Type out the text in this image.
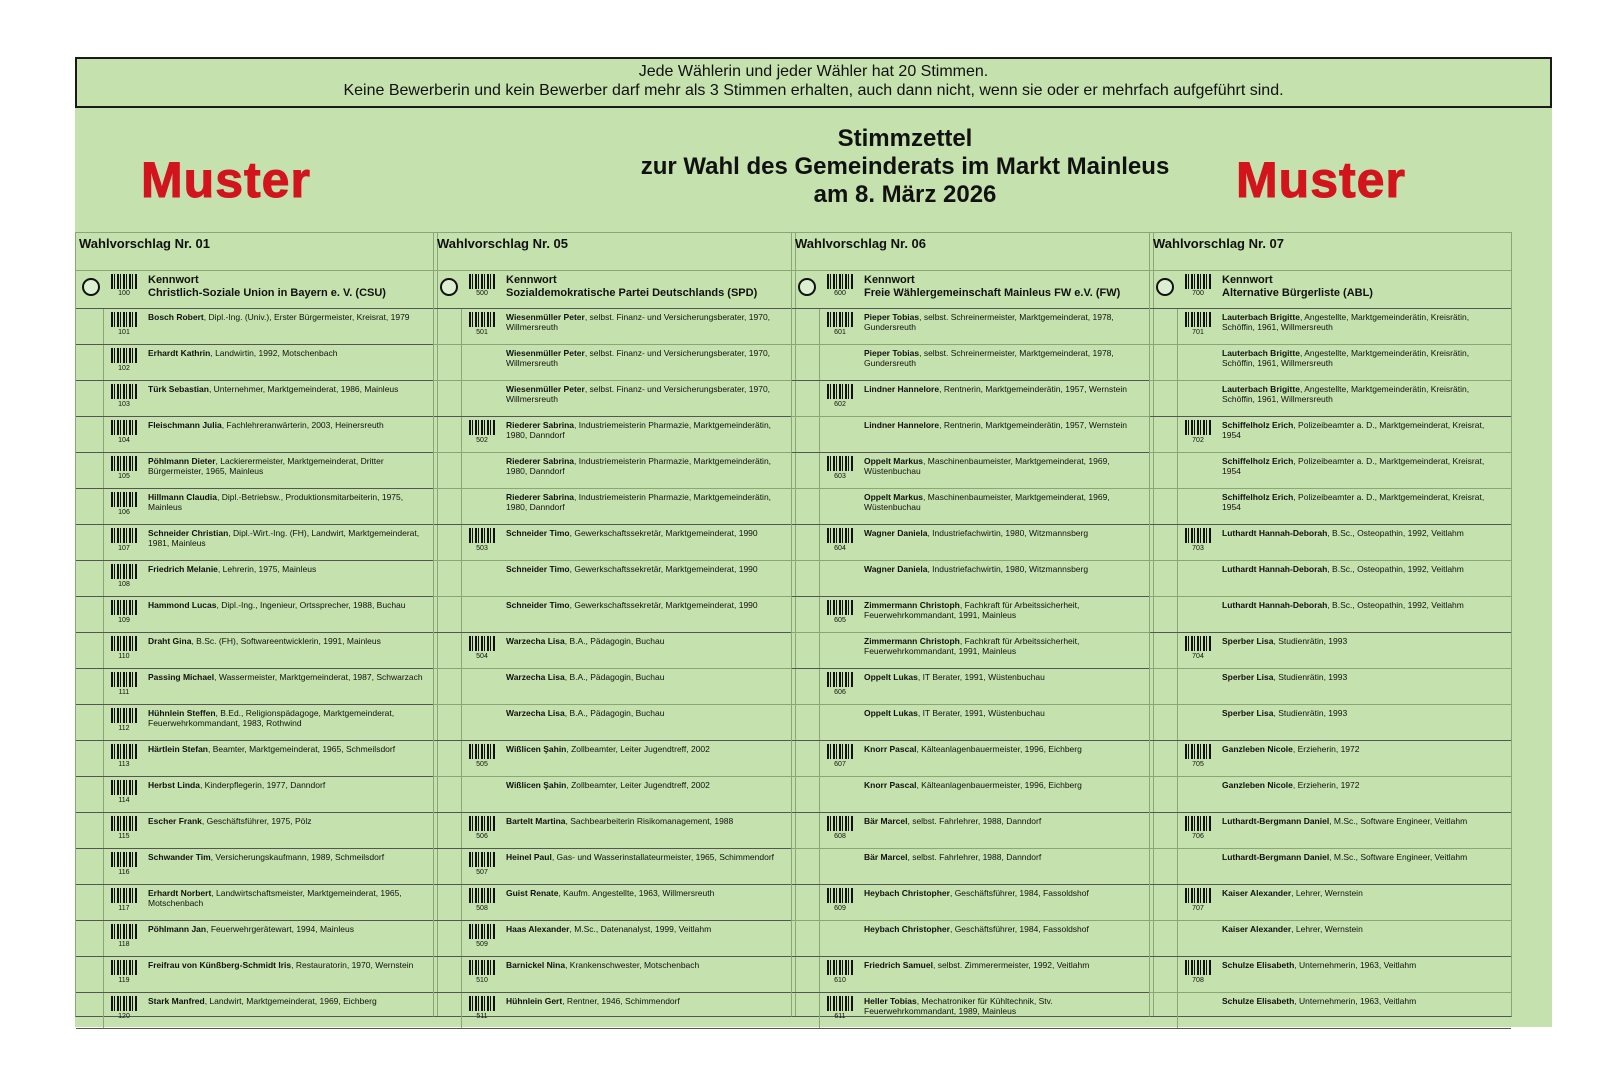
Jede Wählerin und jeder Wähler hat 20 Stimmen.
Keine Bewerberin und kein Bewerber darf mehr als 3 Stimmen erhalten, auch dann nicht, wenn sie oder er mehrfach aufgeführt sind.
Muster
Stimmzettel
zur Wahl des Gemeinderats im Markt Mainleus
am 8. März 2026	Muster
Wahlvorschlag Nr. 01
100
Kennwort
Christlich-Soziale Union in Bayern e. V. (CSU)
101
Bosch Robert, Dipl.-Ing. (Univ.), Erster Bürgermeister, Kreisrat, 1979
102
Erhardt Kathrin, Landwirtin, 1992, Motschenbach
103
Türk Sebastian, Unternehmer, Marktgemeinderat, 1986, Mainleus
104
Fleischmann Julia, Fachlehreranwärterin, 2003, Heinersreuth
105
Pöhlmann Dieter, Lackierermeister, Marktgemeinderat, Dritter Bürgermeister, 1965, Mainleus
106
Hillmann Claudia, Dipl.-Betriebsw., Produktionsmitarbeiterin, 1975, Mainleus
107
Schneider Christian, Dipl.-Wirt.-Ing. (FH), Landwirt, Marktgemeinderat, 1981, Mainleus
108
Friedrich Melanie, Lehrerin, 1975, Mainleus
109
Hammond Lucas, Dipl.-Ing., Ingenieur, Ortssprecher, 1988, Buchau
110
Draht Gina, B.Sc. (FH), Softwareentwicklerin, 1991, Mainleus
111
Passing Michael, Wassermeister, Marktgemeinderat, 1987, Schwarzach
112
Hühnlein Steffen, B.Ed., Religionspädagoge, Marktgemeinderat, Feuerwehrkommandant, 1983, Rothwind
113
Härtlein Stefan, Beamter, Marktgemeinderat, 1965, Schmeilsdorf
114
Herbst Linda, Kinderpflegerin, 1977, Danndorf
115
Escher Frank, Geschäftsführer, 1975, Pölz
116
Schwander Tim, Versicherungskaufmann, 1989, Schmeilsdorf
117
Erhardt Norbert, Landwirtschaftsmeister, Marktgemeinderat, 1965, Motschenbach
118
Pöhlmann Jan, Feuerwehrgerätewart, 1994, Mainleus
119
Freifrau von Künßberg-Schmidt Iris, Restauratorin, 1970, Wernstein
120
Stark Manfred, Landwirt, Marktgemeinderat, 1969, Eichberg
Wahlvorschlag Nr. 05
500
Kennwort
Sozialdemokratische Partei Deutschlands (SPD)
501
Wiesenmüller Peter, selbst. Finanz- und Versicherungsberater, 1970, Willmersreuth
Wiesenmüller Peter, selbst. Finanz- und Versicherungsberater, 1970, Willmersreuth
Wiesenmüller Peter, selbst. Finanz- und Versicherungsberater, 1970, Willmersreuth
502
Riederer Sabrina, Industriemeisterin Pharmazie, Marktgemeinderätin, 1980, Danndorf
Riederer Sabrina, Industriemeisterin Pharmazie, Marktgemeinderätin, 1980, Danndorf
Riederer Sabrina, Industriemeisterin Pharmazie, Marktgemeinderätin, 1980, Danndorf
503
Schneider Timo, Gewerkschaftssekretär, Marktgemeinderat, 1990
Schneider Timo, Gewerkschaftssekretär, Marktgemeinderat, 1990
Schneider Timo, Gewerkschaftssekretär, Marktgemeinderat, 1990
504
Warzecha Lisa, B.A., Pädagogin, Buchau
Warzecha Lisa, B.A., Pädagogin, Buchau
Warzecha Lisa, B.A., Pädagogin, Buchau
505
Wißlicen Şahin, Zollbeamter, Leiter Jugendtreff, 2002
Wißlicen Şahin, Zollbeamter, Leiter Jugendtreff, 2002
506
Bartelt Martina, Sachbearbeiterin Risikomanagement, 1988
507
Heinel Paul, Gas- und Wasserinstallateurmeister, 1965, Schimmendorf
508
Guist Renate, Kaufm. Angestellte, 1963, Willmersreuth
509
Haas Alexander, M.Sc., Datenanalyst, 1999, Veitlahm
510
Barnickel Nina, Krankenschwester, Motschenbach
511
Hühnlein Gert, Rentner, 1946, Schimmendorf
Wahlvorschlag Nr. 06
600
Kennwort
Freie Wählergemeinschaft Mainleus FW e.V. (FW)
601
Pieper Tobias, selbst. Schreinermeister, Marktgemeinderat, 1978, Gundersreuth
Pieper Tobias, selbst. Schreinermeister, Marktgemeinderat, 1978, Gundersreuth
602
Lindner Hannelore, Rentnerin, Marktgemeinderätin, 1957, Wernstein
Lindner Hannelore, Rentnerin, Marktgemeinderätin, 1957, Wernstein
603
Oppelt Markus, Maschinenbaumeister, Marktgemeinderat, 1969, Wüstenbuchau
Oppelt Markus, Maschinenbaumeister, Marktgemeinderat, 1969, Wüstenbuchau
604
Wagner Daniela, Industriefachwirtin, 1980, Witzmannsberg
Wagner Daniela, Industriefachwirtin, 1980, Witzmannsberg
605
Zimmermann Christoph, Fachkraft für Arbeitssicherheit, Feuerwehrkommandant, 1991, Mainleus
Zimmermann Christoph, Fachkraft für Arbeitssicherheit, Feuerwehrkommandant, 1991, Mainleus
606
Oppelt Lukas, IT Berater, 1991, Wüstenbuchau
Oppelt Lukas, IT Berater, 1991, Wüstenbuchau
607
Knorr Pascal, Kälteanlagenbauermeister, 1996, Eichberg
Knorr Pascal, Kälteanlagenbauermeister, 1996, Eichberg
608
Bär Marcel, selbst. Fahrlehrer, 1988, Danndorf
Bär Marcel, selbst. Fahrlehrer, 1988, Danndorf
609
Heybach Christopher, Geschäftsführer, 1984, Fassoldshof
Heybach Christopher, Geschäftsführer, 1984, Fassoldshof
610
Friedrich Samuel, selbst. Zimmerermeister, 1992, Veitlahm
611
Heller Tobias, Mechatroniker für Kühltechnik, Stv. Feuerwehrkommandant, 1989, Mainleus
Wahlvorschlag Nr. 07
700
Kennwort
Alternative Bürgerliste (ABL)
701
Lauterbach Brigitte, Angestellte, Marktgemeinderätin, Kreisrätin, Schöffin, 1961, Willmersreuth
Lauterbach Brigitte, Angestellte, Marktgemeinderätin, Kreisrätin, Schöffin, 1961, Willmersreuth
Lauterbach Brigitte, Angestellte, Marktgemeinderätin, Kreisrätin, Schöffin, 1961, Willmersreuth
702
Schiffelholz Erich, Polizeibeamter a. D., Marktgemeinderat, Kreisrat, 1954
Schiffelholz Erich, Polizeibeamter a. D., Marktgemeinderat, Kreisrat, 1954
Schiffelholz Erich, Polizeibeamter a. D., Marktgemeinderat, Kreisrat, 1954
703
Luthardt Hannah-Deborah, B.Sc., Osteopathin, 1992, Veitlahm
Luthardt Hannah-Deborah, B.Sc., Osteopathin, 1992, Veitlahm
Luthardt Hannah-Deborah, B.Sc., Osteopathin, 1992, Veitlahm
704
Sperber Lisa, Studienrätin, 1993
Sperber Lisa, Studienrätin, 1993
Sperber Lisa, Studienrätin, 1993
705
Ganzleben Nicole, Erzieherin, 1972
Ganzleben Nicole, Erzieherin, 1972
706
Luthardt-Bergmann Daniel, M.Sc., Software Engineer, Veitlahm
Luthardt-Bergmann Daniel, M.Sc., Software Engineer, Veitlahm
707
Kaiser Alexander, Lehrer, Wernstein
Kaiser Alexander, Lehrer, Wernstein
708
Schulze Elisabeth, Unternehmerin, 1963, Veitlahm
Schulze Elisabeth, Unternehmerin, 1963, Veitlahm
